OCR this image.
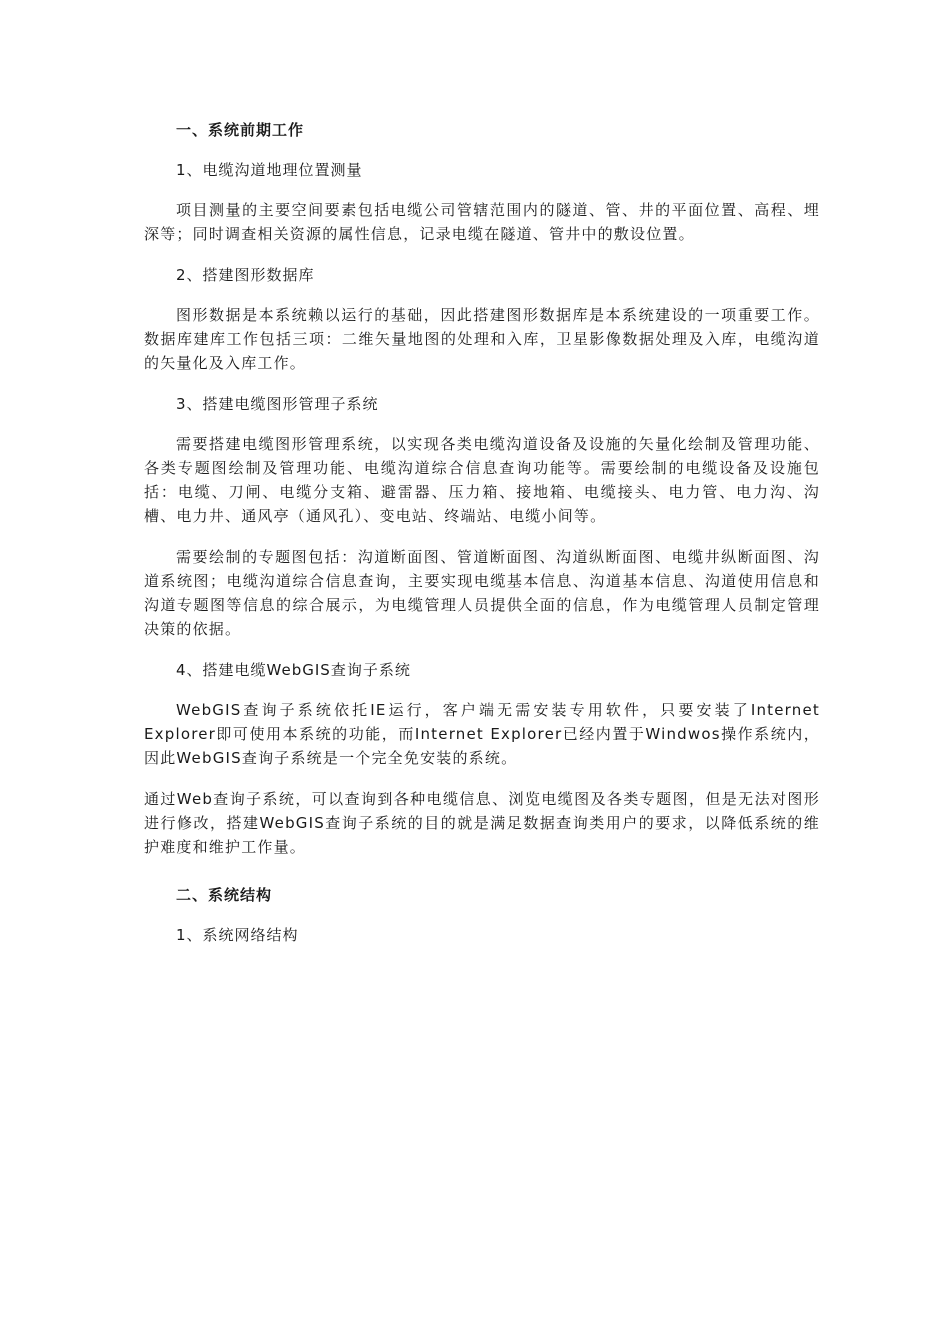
一、系统前期工作
1、电缆沟道地理位置测量
项目测量的主要空间要素包括电缆公司管辖范围内的隧道、管、井的平面位置、高程、埋深等；同时调查相关资源的属性信息，记录电缆在隧道、管井中的敷设位置。
2、搭建图形数据库
图形数据是本系统赖以运行的基础，因此搭建图形数据库是本系统建设的一项重要工作。数据库建库工作包括三项：二维矢量地图的处理和入库，卫星影像数据处理及入库，电缆沟道的矢量化及入库工作。
3、搭建电缆图形管理子系统
需要搭建电缆图形管理系统，以实现各类电缆沟道设备及设施的矢量化绘制及管理功能、各类专题图绘制及管理功能、电缆沟道综合信息查询功能等。需要绘制的电缆设备及设施包括：电缆、刀闸、电缆分支箱、避雷器、压力箱、接地箱、电缆接头、电力管、电力沟、沟槽、电力井、通风亭（通风孔）、变电站、终端站、电缆小间等。
需要绘制的专题图包括：沟道断面图、管道断面图、沟道纵断面图、电缆井纵断面图、沟道系统图；电缆沟道综合信息查询，主要实现电缆基本信息、沟道基本信息、沟道使用信息和沟道专题图等信息的综合展示，为电缆管理人员提供全面的信息，作为电缆管理人员制定管理决策的依据。
4、搭建电缆WebGIS查询子系统
WebGIS查询子系统依托IE运行，客户端无需安装专用软件，只要安装了Internet Explorer即可使用本系统的功能，而Internet Explorer已经内置于Windwos操作系统内，因此WebGIS查询子系统是一个完全免安装的系统。
通过Web查询子系统，可以查询到各种电缆信息、浏览电缆图及各类专题图，但是无法对图形进行修改，搭建WebGIS查询子系统的目的就是满足数据查询类用户的要求，以降低系统的维护难度和维护工作量。
二、系统结构
1、系统网络结构
